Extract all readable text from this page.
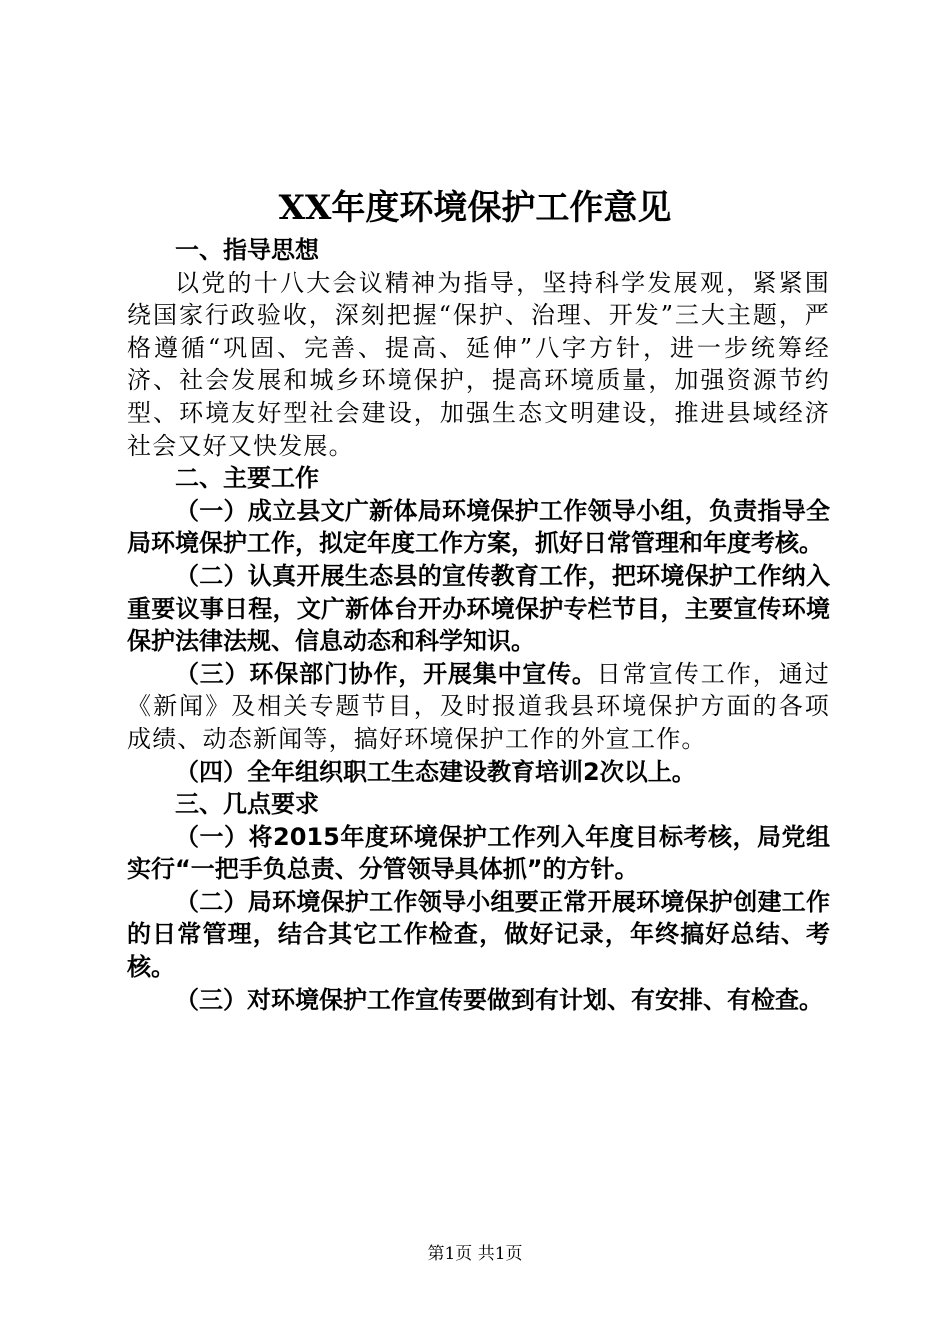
XX年度环境保护工作意见

一、指导思想

以党的十八大会议精神为指导，坚持科学发展观，紧紧围绕国家行政验收，深刻把握“保护、治理、开发”三大主题，严格遵循“巩固、完善、提高、延伸”八字方针，进一步统筹经济、社会发展和城乡环境保护，提高环境质量，加强资源节约型、环境友好型社会建设，加强生态文明建设，推进县域经济社会又好又快发展。

二、主要工作

（一）成立县文广新体局环境保护工作领导小组，负责指导全局环境保护工作，拟定年度工作方案，抓好日常管理和年度考核。

（二）认真开展生态县的宣传教育工作，把环境保护工作纳入重要议事日程，文广新体台开办环境保护专栏节目，主要宣传环境保护法律法规、信息动态和科学知识。

（三）环保部门协作，开展集中宣传。日常宣传工作，通过《新闻》及相关专题节目，及时报道我县环境保护方面的各项成绩、动态新闻等，搞好环境保护工作的外宣工作。

（四）全年组织职工生态建设教育培训2次以上。

三、几点要求

（一）将2015年度环境保护工作列入年度目标考核，局党组实行“一把手负总责、分管领导具体抓”的方针。

（二）局环境保护工作领导小组要正常开展环境保护创建工作的日常管理，结合其它工作检查，做好记录，年终搞好总结、考核。

（三）对环境保护工作宣传要做到有计划、有安排、有检查。

第1页 共1页
